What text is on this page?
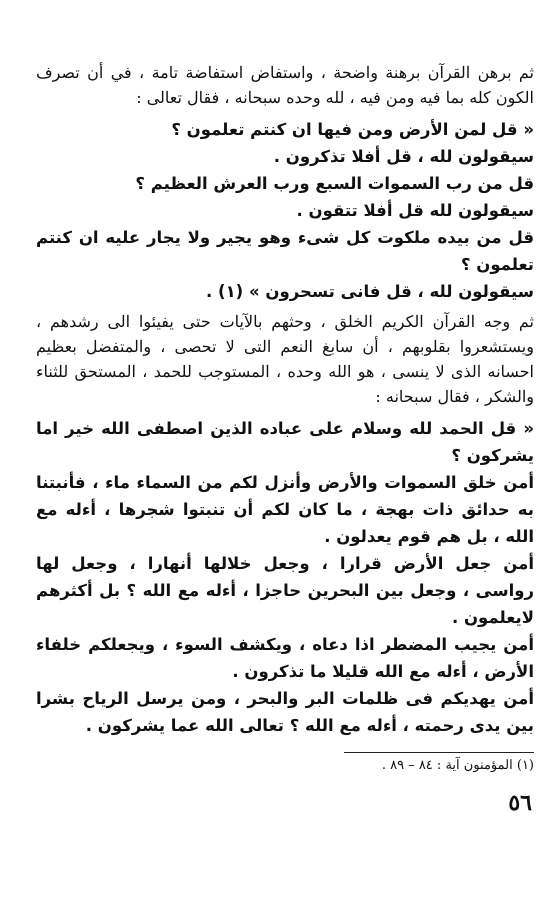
ثم برهن القرآن برهنة واضحة ، واستفاض استفاضة تامة ، في أن تصرف الكون كله بما فيه ومن فيه ، لله وحده سبحانه ، فقال تعالى :

« قل لمن الأرض ومن فيها ان كنتم تعلمون ؟
سيقولون لله ، قل أفلا تذكرون .
قل من رب السموات السبع ورب العرش العظيم ؟
سيقولون لله قل أفلا تتقون .
قل من بيده ملكوت كل شىء وهو يجير ولا يجار عليه ان كنتم تعلمون ؟
سيقولون لله ، قل فانى تسحرون » (١) .

ثم وجه القرآن الكريم الخلق ، وحثهم بالآيات حتى يفيئوا الى رشدهم ، ويستشعروا بقلوبهم ، أن سابغ النعم التى لا تحصى ، والمتفضل بعظيم احسانه الذى لا ينسى ، هو الله وحده ، المستوجب للحمد ، المستحق للثناء والشكر ، فقال سبحانه :

« قل الحمد لله وسلام على عباده الذين اصطفى الله خير اما يشركون ؟
أمن خلق السموات والأرض وأنزل لكم من السماء ماء ، فأنبتنا به حدائق ذات بهجة ، ما كان لكم أن تنبتوا شجرها ، أءله مع الله ، بل هم قوم يعدلون .
أمن جعل الأرض قرارا ، وجعل خلالها أنهارا ، وجعل لها رواسى ، وجعل بين البحرين حاجزا ، أءله مع الله ؟ بل أكثرهم لايعلمون .
أمن يجيب المضطر اذا دعاه ، ويكشف السوء ، ويجعلكم خلفاء الأرض ، أءله مع الله قليلا ما تذكرون .
أمن يهديكم فى ظلمات البر والبحر ، ومن يرسل الرياح بشرا بين يدى رحمته ، أءله مع الله ؟ تعالى الله عما يشركون .
(١) المؤمنون آية : ٨٤ – ٨٩ .
٥٦
